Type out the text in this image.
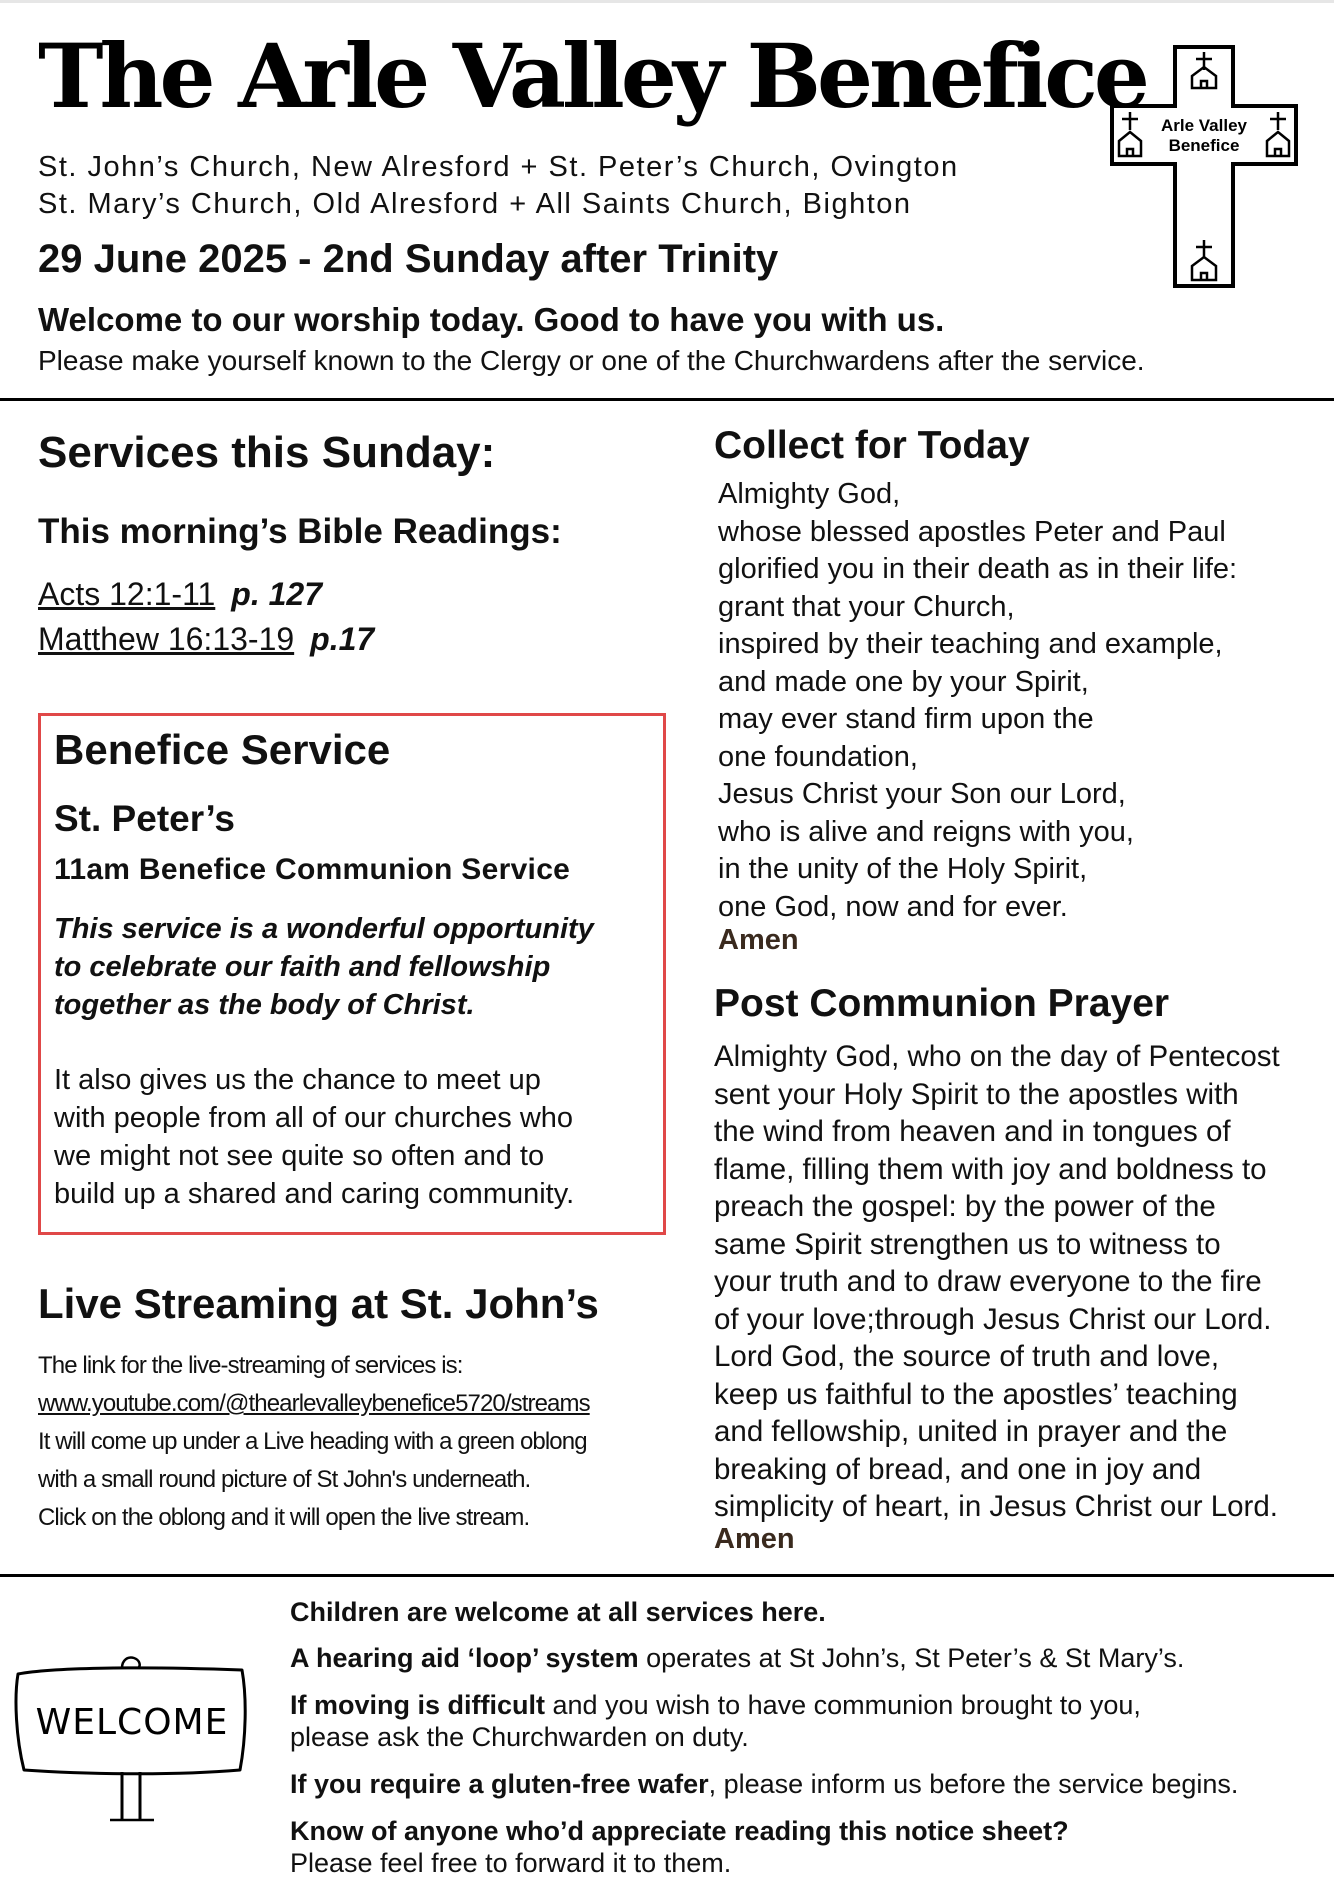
The Arle Valley Benefice
St. John’s Church, New Alresford + St. Peter’s Church, Ovington
St. Mary’s Church, Old Alresford + All Saints Church, Bighton
29 June 2025 - 2nd Sunday after Trinity
Welcome to our worship today. Good to have you with us.
Please make yourself known to the Clergy or one of the Churchwardens after the service.
Arle Valley
Benefice
Services this Sunday:
This morning’s Bible Readings:
Acts 12:1-11 p. 127
Matthew 16:13-19 p.17
Benefice Service
St. Peter’s
11am Benefice Communion Service
This service is a wonderful opportunity
to celebrate our faith and fellowship
together as the body of Christ.
It also gives us the chance to meet up
with people from all of our churches who
we might not see quite so often and to
build up a shared and caring community.
Live Streaming at St. John’s
The link for the live-streaming of services is:
www.youtube.com/@thearlevalleybenefice5720/streams
It will come up under a Live heading with a green oblong
with a small round picture of St John's underneath.
Click on the oblong and it will open the live stream.
Collect for Today
Almighty God,
whose blessed apostles Peter and Paul
glorified you in their death as in their life:
grant that your Church,
inspired by their teaching and example,
and made one by your Spirit,
may ever stand firm upon the
one foundation,
Jesus Christ your Son our Lord,
who is alive and reigns with you,
in the unity of the Holy Spirit,
one God, now and for ever.
Amen
Post Communion Prayer
Almighty God, who on the day of Pentecost
sent your Holy Spirit to the apostles with
the wind from heaven and in tongues of
flame, filling them with joy and boldness to
preach the gospel: by the power of the
same Spirit strengthen us to witness to
your truth and to draw everyone to the fire
of your love;through Jesus Christ our Lord.
Lord God, the source of truth and love,
keep us faithful to the apostles’ teaching
and fellowship, united in prayer and the
breaking of bread, and one in joy and
simplicity of heart, in Jesus Christ our Lord.
Amen
WELCOME
Children are welcome at all services here.
A hearing aid ‘loop’ system operates at St John’s, St Peter’s & St Mary’s.
If moving is difficult and you wish to have communion brought to you,
please ask the Churchwarden on duty.
If you require a gluten-free wafer, please inform us before the service begins.
Know of anyone who’d appreciate reading this notice sheet?
Please feel free to forward it to them.
